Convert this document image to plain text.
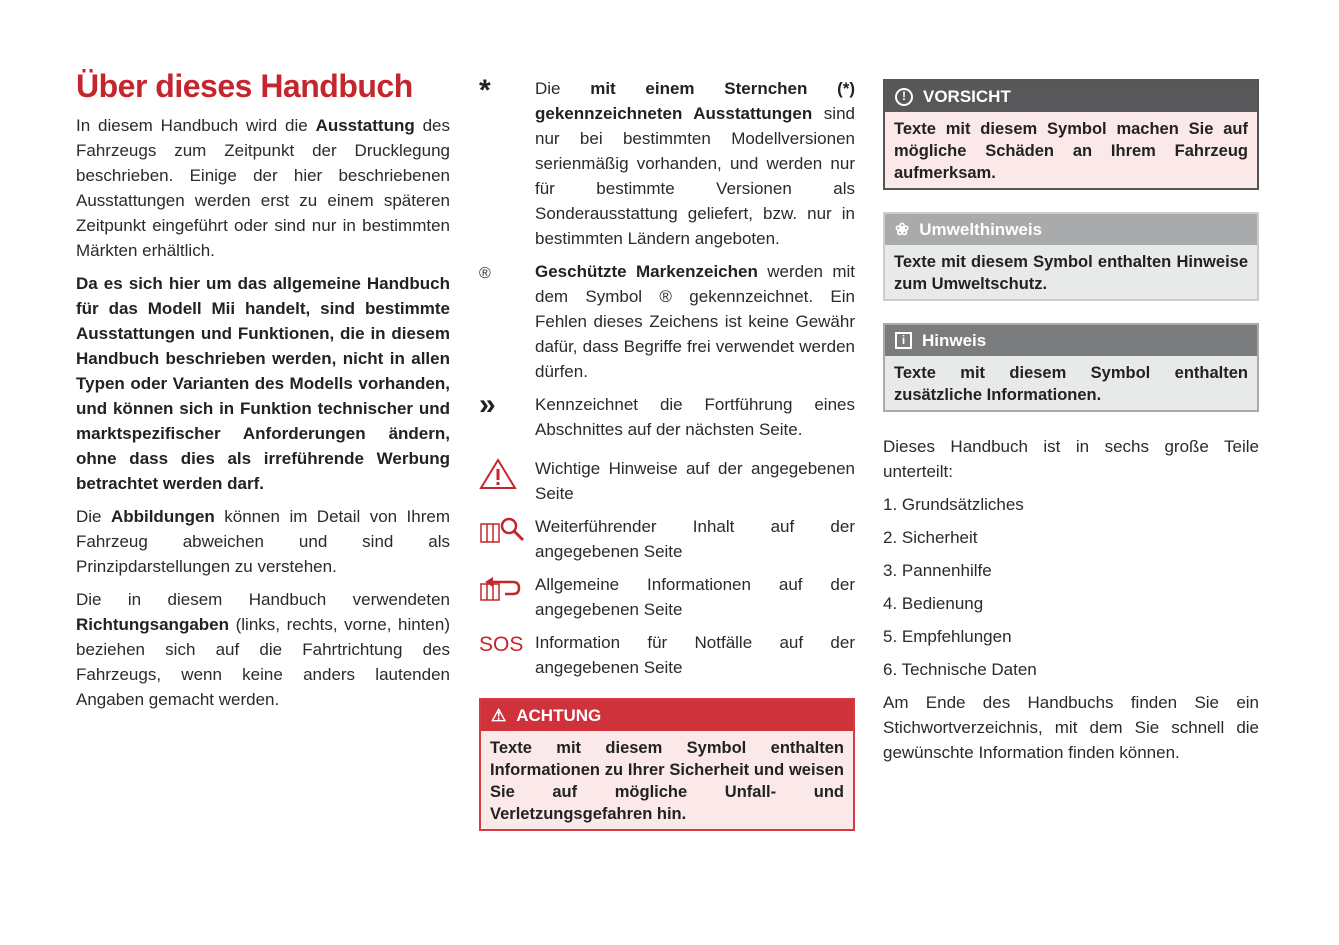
Über dieses Handbuch

In diesem Handbuch wird die Ausstattung des Fahrzeugs zum Zeitpunkt der Drucklegung beschrieben. Einige der hier beschriebenen Ausstattungen werden erst zu einem späteren Zeitpunkt eingeführt oder sind nur in bestimmten Märkten erhältlich.

Da es sich hier um das allgemeine Handbuch für das Modell Mii handelt, sind bestimmte Ausstattungen und Funktionen, die in diesem Handbuch beschrieben werden, nicht in allen Typen oder Varianten des Modells vorhanden, und können sich in Funktion technischer und marktspezifischer Anforderungen ändern, ohne dass dies als irreführende Werbung betrachtet werden darf.

Die Abbildungen können im Detail von Ihrem Fahrzeug abweichen und sind als Prinzipdarstellungen zu verstehen.

Die in diesem Handbuch verwendeten Richtungsangaben (links, rechts, vorne, hinten) beziehen sich auf die Fahrtrichtung des Fahrzeugs, wenn keine anders lautenden Angaben gemacht werden.

*	Die mit einem Sternchen (*) gekennzeichneten Ausstattungen sind nur bei bestimmten Modellversionen serienmäßig vorhanden, und werden nur für bestimmte Versionen als Sonderausstattung geliefert, bzw. nur in bestimmten Ländern angeboten.
®	Geschützte Markenzeichen werden mit dem Symbol ® gekennzeichnet. Ein Fehlen dieses Zeichens ist keine Gewähr dafür, dass Begriffe frei verwendet werden dürfen.
»	Kennzeichnet die Fortführung eines Abschnittes auf der nächsten Seite.
Wichtige Hinweise auf der angegebenen Seite
Weiterführender Inhalt auf der angegebenen Seite
Allgemeine Informationen auf der angegebenen Seite
SOS Information für Notfälle auf der angegebenen Seite
⚠ ACHTUNG
Texte mit diesem Symbol enthalten Informationen zu Ihrer Sicherheit und weisen Sie auf mögliche Unfall- und Verletzungsgefahren hin.
!	VORSICHT
Texte mit diesem Symbol machen Sie auf mögliche Schäden an Ihrem Fahrzeug aufmerksam.
❀ Umwelthinweis
Texte mit diesem Symbol enthalten Hinweise zum Umweltschutz.
i Hinweis
Texte mit diesem Symbol enthalten zusätzliche Informationen.

Dieses Handbuch ist in sechs große Teile unterteilt:

1. Grundsätzliches
2. Sicherheit
3. Pannenhilfe
4. Bedienung
5. Empfehlungen
6. Technische Daten

Am Ende des Handbuchs finden Sie ein Stichwortverzeichnis, mit dem Sie schnell die gewünschte Information finden können.
